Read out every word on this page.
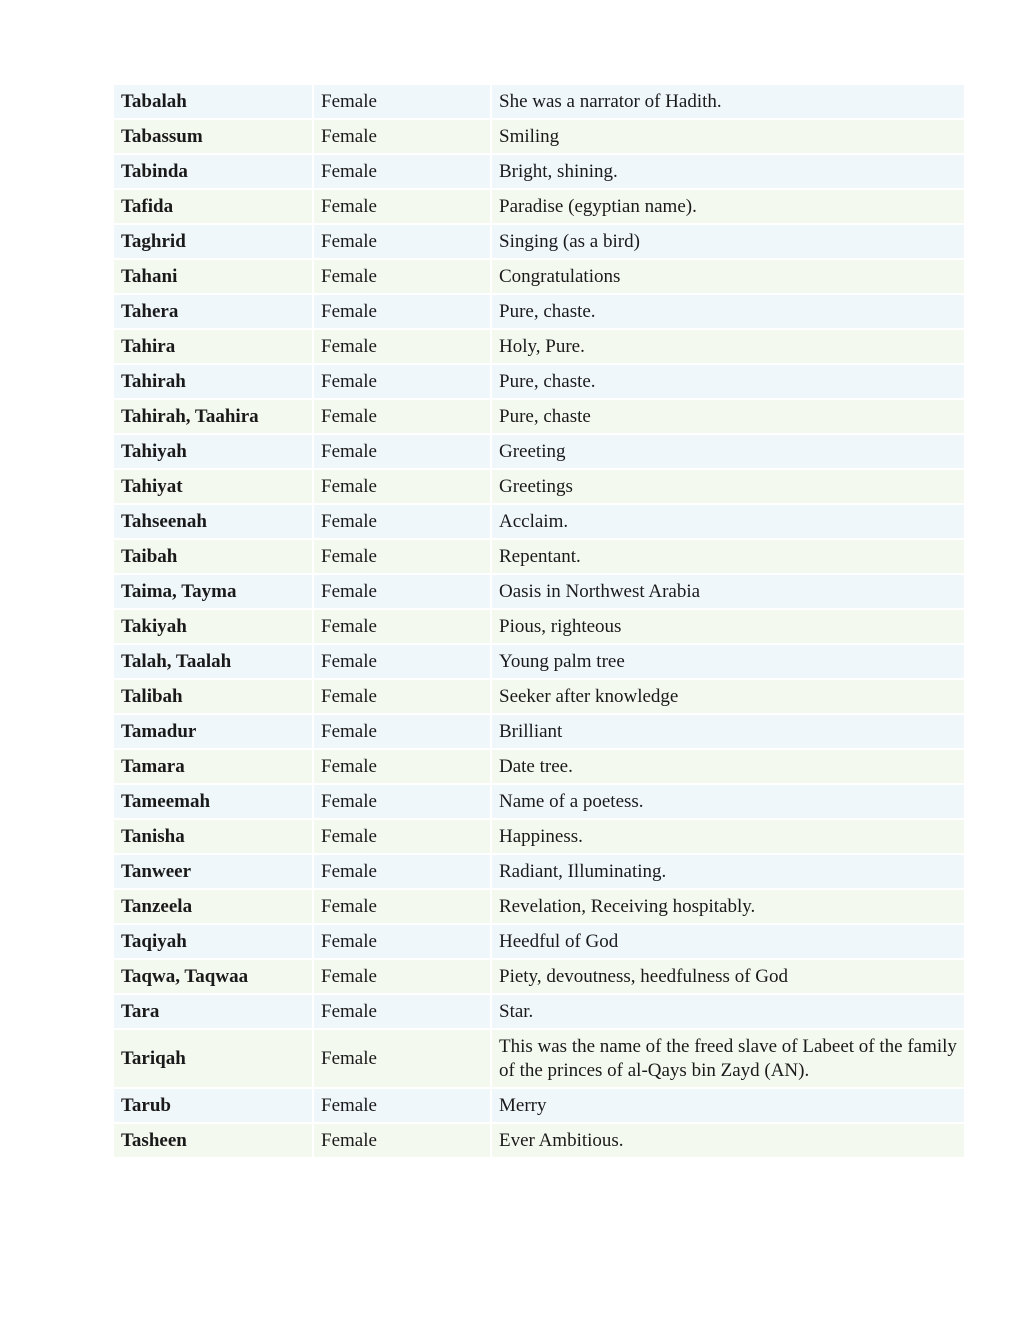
Tabalah	Female	She was a narrator of Hadith.
Tabassum	Female	Smiling
Tabinda	Female	Bright, shining.
Tafida	Female	Paradise (egyptian name).
Taghrid	Female	Singing (as a bird)
Tahani	Female	Congratulations
Tahera	Female	Pure, chaste.
Tahira	Female	Holy, Pure.
Tahirah	Female	Pure, chaste.
Tahirah, Taahira	Female	Pure, chaste
Tahiyah	Female	Greeting
Tahiyat	Female	Greetings
Tahseenah	Female	Acclaim.
Taibah	Female	Repentant.
Taima, Tayma	Female	Oasis in Northwest Arabia
Takiyah	Female	Pious, righteous
Talah, Taalah	Female	Young palm tree
Talibah	Female	Seeker after knowledge
Tamadur	Female	Brilliant
Tamara	Female	Date tree.
Tameemah	Female	Name of a poetess.
Tanisha	Female	Happiness.
Tanweer	Female	Radiant, Illuminating.
Tanzeela	Female	Revelation, Receiving hospitably.
Taqiyah	Female	Heedful of God
Taqwa, Taqwaa	Female	Piety, devoutness, heedfulness of God
Tara	Female	Star.
Tariqah	Female	This was the name of the freed slave of Labeet of the family of the princes of al-Qays bin Zayd (AN).
Tarub	Female	Merry
Tasheen	Female	Ever Ambitious.
